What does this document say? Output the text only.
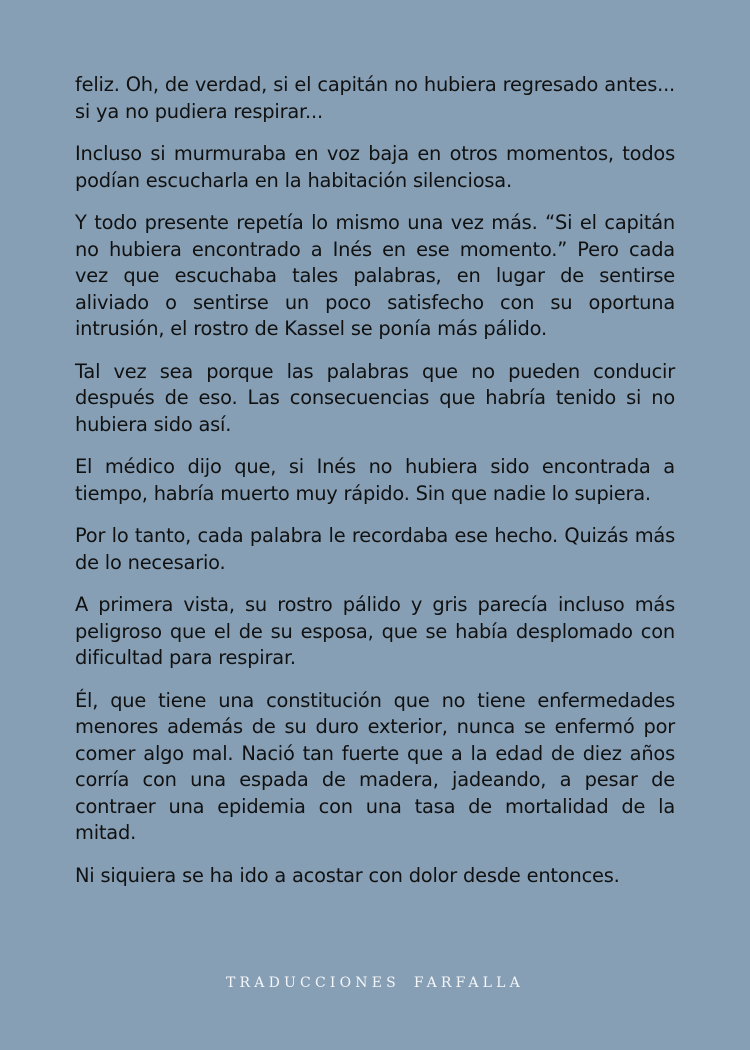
feliz. Oh, de verdad, si el capitán no hubiera regresado antes... si ya no pudiera respirar...

Incluso si murmuraba en voz baja en otros momentos, todos podían escucharla en la habitación silenciosa.

Y todo presente repetía lo mismo una vez más. “Si el capitán no hubiera encontrado a Inés en ese momento.” Pero cada vez que escuchaba tales palabras, en lugar de sentirse aliviado o sentirse un poco satisfecho con su oportuna intrusión, el rostro de Kassel se ponía más pálido.

Tal vez sea porque las palabras que no pueden conducir después de eso. Las consecuencias que habría tenido si no hubiera sido así.

El médico dijo que, si Inés no hubiera sido encontrada a tiempo, habría muerto muy rápido. Sin que nadie lo supiera.

Por lo tanto, cada palabra le recordaba ese hecho. Quizás más de lo necesario.

A primera vista, su rostro pálido y gris parecía incluso más peligroso que el de su esposa, que se había desplomado con dificultad para respirar.

Él, que tiene una constitución que no tiene enfermedades menores además de su duro exterior, nunca se enfermó por comer algo mal. Nació tan fuerte que a la edad de diez años corría con una espada de madera, jadeando, a pesar de contraer una epidemia con una tasa de mortalidad de la mitad.

Ni siquiera se ha ido a acostar con dolor desde entonces.

TRADUCCIONES FARFALLA
